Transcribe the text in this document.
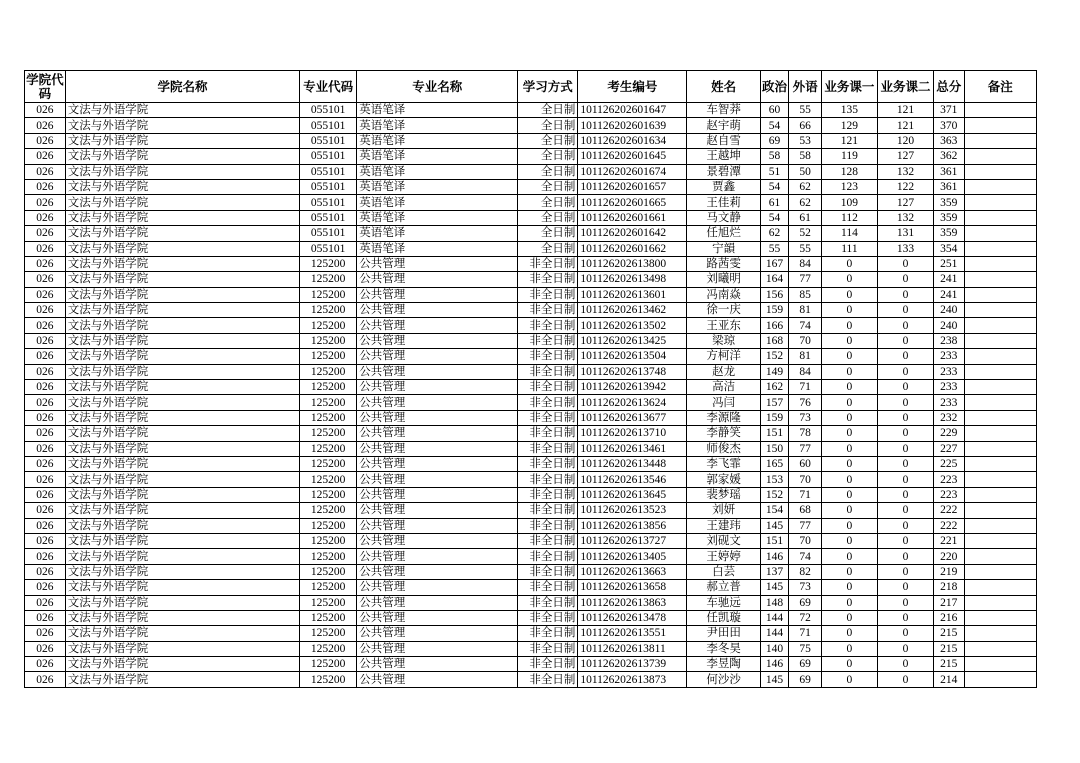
学院代码	学院名称	专业代码	专业名称	学习方式	考生编号	姓名	政治	外语	业务课一	业务课二	总分	备注
026	文法与外语学院	055101	英语笔译	全日制	101126202601647	车智莽	60	55	135	121	371	
026	文法与外语学院	055101	英语笔译	全日制	101126202601639	赵宇萌	54	66	129	121	370	
026	文法与外语学院	055101	英语笔译	全日制	101126202601634	赵自雪	69	53	121	120	363	
026	文法与外语学院	055101	英语笔译	全日制	101126202601645	王越坤	58	58	119	127	362	
026	文法与外语学院	055101	英语笔译	全日制	101126202601674	景碧潭	51	50	128	132	361	
026	文法与外语学院	055101	英语笔译	全日制	101126202601657	贾鑫	54	62	123	122	361	
026	文法与外语学院	055101	英语笔译	全日制	101126202601665	王佳莉	61	62	109	127	359	
026	文法与外语学院	055101	英语笔译	全日制	101126202601661	马文静	54	61	112	132	359	
026	文法与外语学院	055101	英语笔译	全日制	101126202601642	任旭烂	62	52	114	131	359	
026	文法与外语学院	055101	英语笔译	全日制	101126202601662	宁韻	55	55	111	133	354	
026	文法与外语学院	125200	公共管理	非全日制	101126202613800	路茜雯	167	84	0	0	251	
026	文法与外语学院	125200	公共管理	非全日制	101126202613498	刘曦明	164	77	0	0	241	
026	文法与外语学院	125200	公共管理	非全日制	101126202613601	冯南焱	156	85	0	0	241	
026	文法与外语学院	125200	公共管理	非全日制	101126202613462	徐一庆	159	81	0	0	240	
026	文法与外语学院	125200	公共管理	非全日制	101126202613502	王亚东	166	74	0	0	240	
026	文法与外语学院	125200	公共管理	非全日制	101126202613425	梁琼	168	70	0	0	238	
026	文法与外语学院	125200	公共管理	非全日制	101126202613504	方柯洋	152	81	0	0	233	
026	文法与外语学院	125200	公共管理	非全日制	101126202613748	赵龙	149	84	0	0	233	
026	文法与外语学院	125200	公共管理	非全日制	101126202613942	高洁	162	71	0	0	233	
026	文法与外语学院	125200	公共管理	非全日制	101126202613624	冯闫	157	76	0	0	233	
026	文法与外语学院	125200	公共管理	非全日制	101126202613677	李源隆	159	73	0	0	232	
026	文法与外语学院	125200	公共管理	非全日制	101126202613710	李静笑	151	78	0	0	229	
026	文法与外语学院	125200	公共管理	非全日制	101126202613461	师俊杰	150	77	0	0	227	
026	文法与外语学院	125200	公共管理	非全日制	101126202613448	李飞霏	165	60	0	0	225	
026	文法与外语学院	125200	公共管理	非全日制	101126202613546	郭家媛	153	70	0	0	223	
026	文法与外语学院	125200	公共管理	非全日制	101126202613645	裴梦瑶	152	71	0	0	223	
026	文法与外语学院	125200	公共管理	非全日制	101126202613523	刘妍	154	68	0	0	222	
026	文法与外语学院	125200	公共管理	非全日制	101126202613856	王建玮	145	77	0	0	222	
026	文法与外语学院	125200	公共管理	非全日制	101126202613727	刘砚文	151	70	0	0	221	
026	文法与外语学院	125200	公共管理	非全日制	101126202613405	王婷婷	146	74	0	0	220	
026	文法与外语学院	125200	公共管理	非全日制	101126202613663	白芸	137	82	0	0	219	
026	文法与外语学院	125200	公共管理	非全日制	101126202613658	郝立普	145	73	0	0	218	
026	文法与外语学院	125200	公共管理	非全日制	101126202613863	车驰远	148	69	0	0	217	
026	文法与外语学院	125200	公共管理	非全日制	101126202613478	任凯璇	144	72	0	0	216	
026	文法与外语学院	125200	公共管理	非全日制	101126202613551	尹田田	144	71	0	0	215	
026	文法与外语学院	125200	公共管理	非全日制	101126202613811	李冬昊	140	75	0	0	215	
026	文法与外语学院	125200	公共管理	非全日制	101126202613739	李昱陶	146	69	0	0	215	
026	文法与外语学院	125200	公共管理	非全日制	101126202613873	何沙沙	145	69	0	0	214	
